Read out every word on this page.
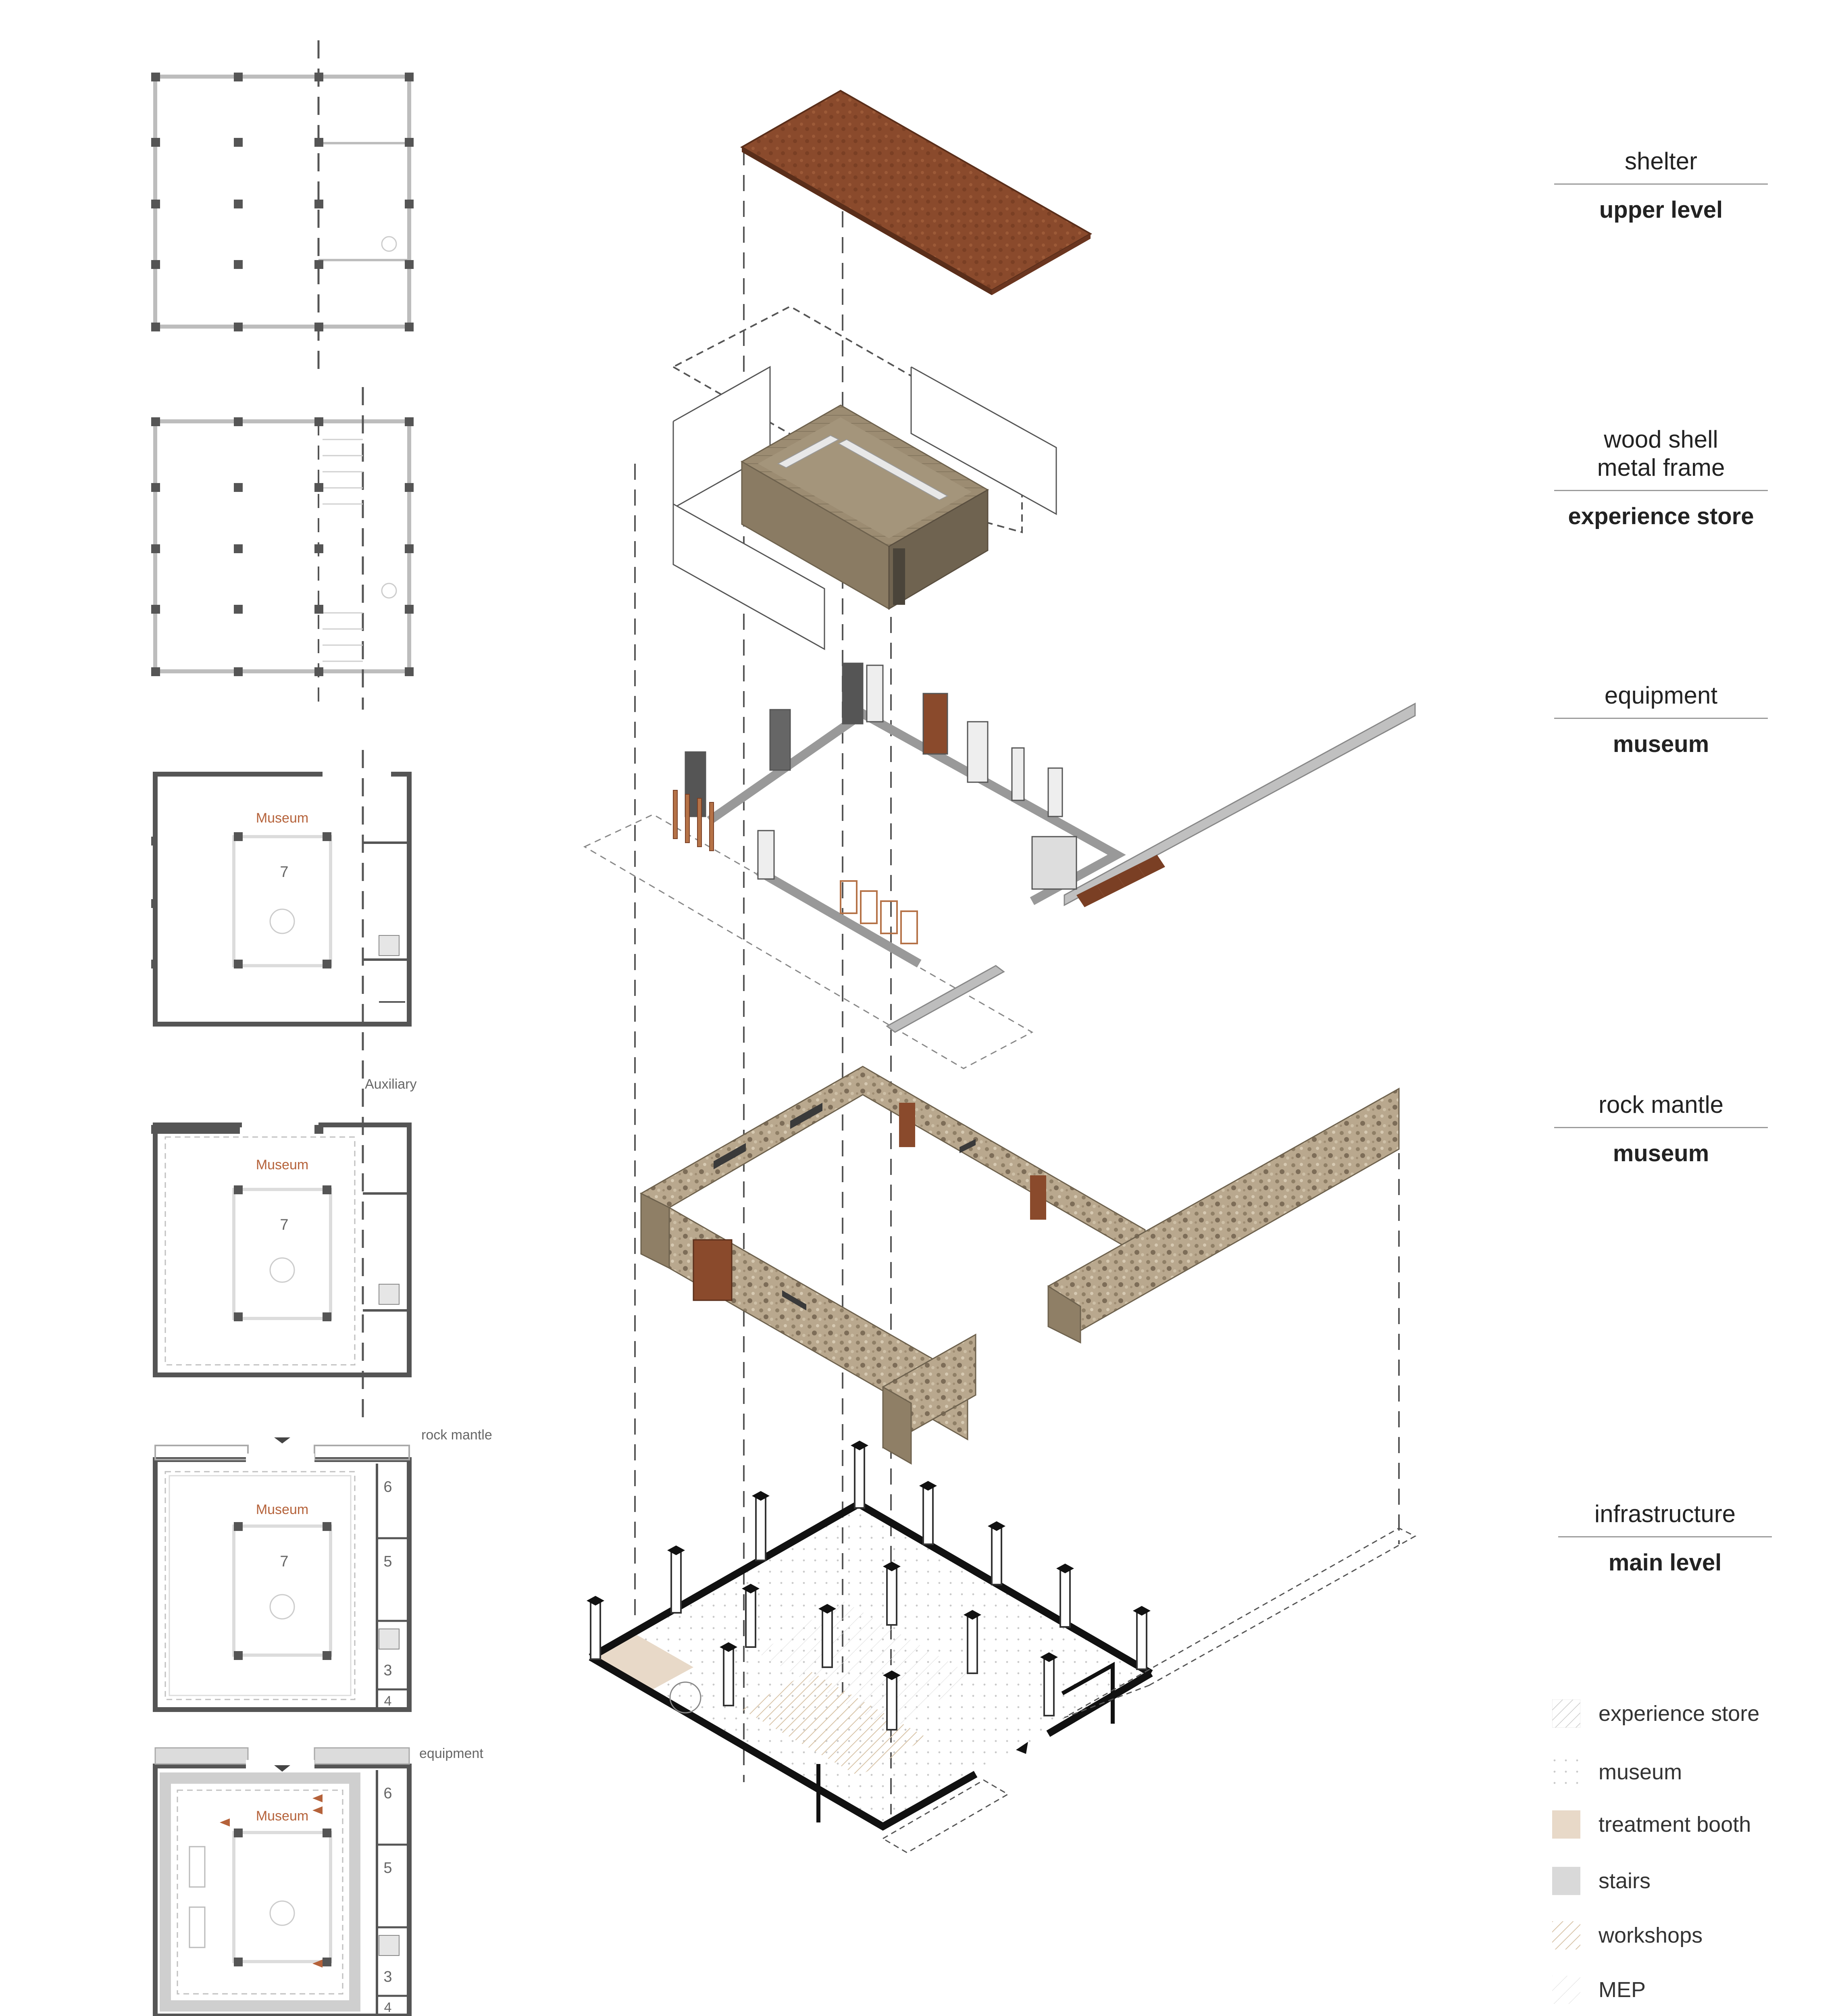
Museum
7
Auxiliary
Museum
7
rock mantle
6
Museum
5
7
3
4
equipment
6
Museum
5
3
4
shelter
upper level
wood shell
metal frame
experience store
equipment
museum
rock mantle
museum
infrastructure
main level
experience store
museum
treatment booth
stairs
workshops
MEP
